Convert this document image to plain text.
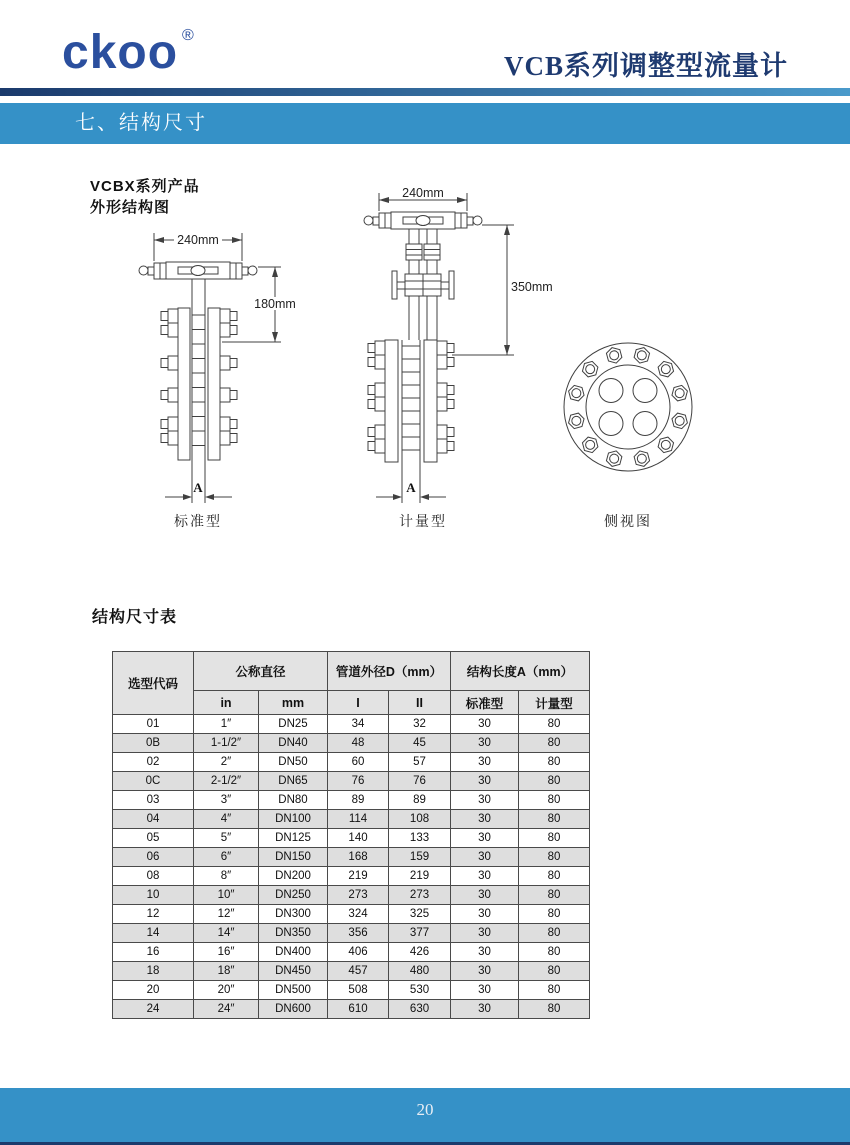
ckoo ®
VCB系列调整型流量计
七、结构尺寸
VCBX系列产品
外形结构图
240mm
180mm
A
240mm
350mm
A
标准型	计量型	侧视图
结构尺寸表
选型代码	公称直径		管道外径D（mm）		结构长度A（mm）	
	in	mm	I	II	标准型	计量型
01	1″	DN25	34	32	30	80
0B	1-1/2″	DN40	48	45	30	80
02	2″	DN50	60	57	30	80
0C	2-1/2″	DN65	76	76	30	80
03	3″	DN80	89	89	30	80
04	4″	DN100	114	108	30	80
05	5″	DN125	140	133	30	80
06	6″	DN150	168	159	30	80
08	8″	DN200	219	219	30	80
10	10″	DN250	273	273	30	80
12	12″	DN300	324	325	30	80
14	14″	DN350	356	377	30	80
16	16″	DN400	406	426	30	80
18	18″	DN450	457	480	30	80
20	20″	DN500	508	530	30	80
24	24″	DN600	610	630	30	80
20
